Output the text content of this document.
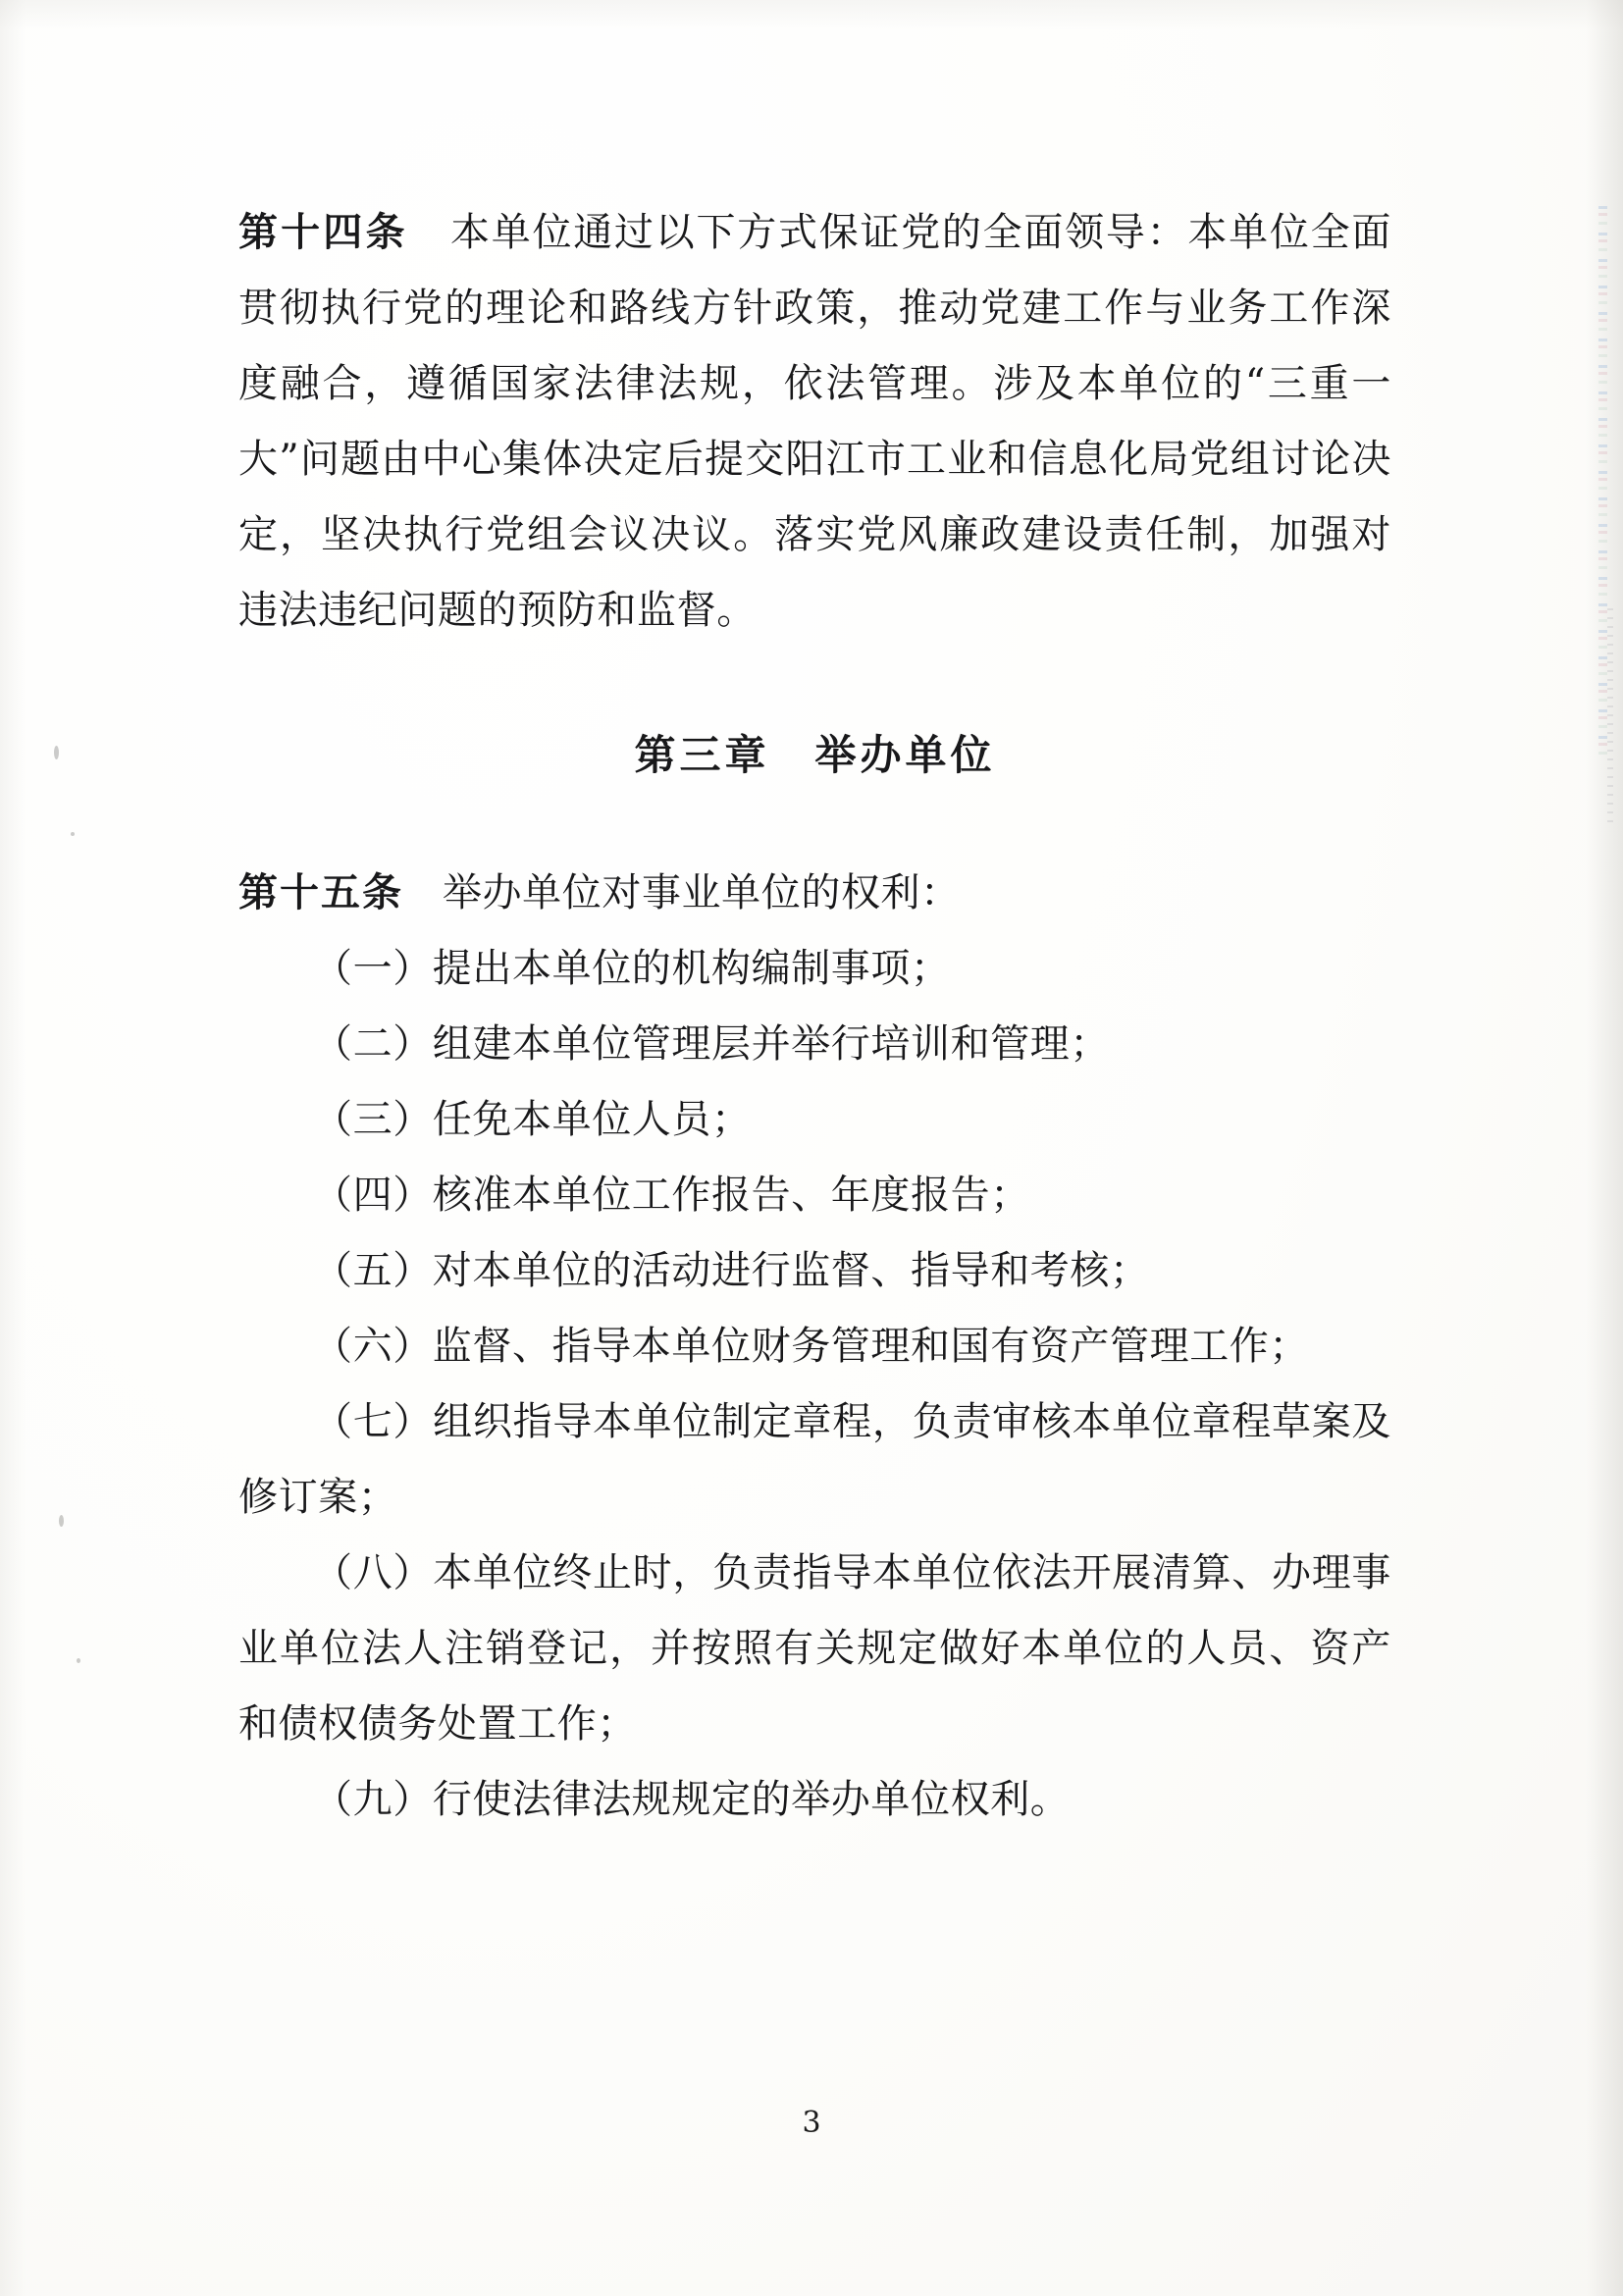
第十四条 本单位通过以下方式保证党的全面领导：本单位全面贯彻执行党的理论和路线方针政策，推动党建工作与业务工作深度融合，遵循国家法律法规，依法管理。涉及本单位的“三重一大”问题由中心集体决定后提交阳江市工业和信息化局党组讨论决定，坚决执行党组会议决议。落实党风廉政建设责任制，加强对违法违纪问题的预防和监督。

第三章　举办单位

第十五条 举办单位对事业单位的权利：

（一）提出本单位的机构编制事项；

（二）组建本单位管理层并举行培训和管理；

（三）任免本单位人员；

（四）核准本单位工作报告、年度报告；

（五）对本单位的活动进行监督、指导和考核；

（六）监督、指导本单位财务管理和国有资产管理工作；

（七）组织指导本单位制定章程，负责审核本单位章程草案及修订案；

（八）本单位终止时，负责指导本单位依法开展清算、办理事业单位法人注销登记，并按照有关规定做好本单位的人员、资产和债权债务处置工作；

（九）行使法律法规规定的举办单位权利。

3
